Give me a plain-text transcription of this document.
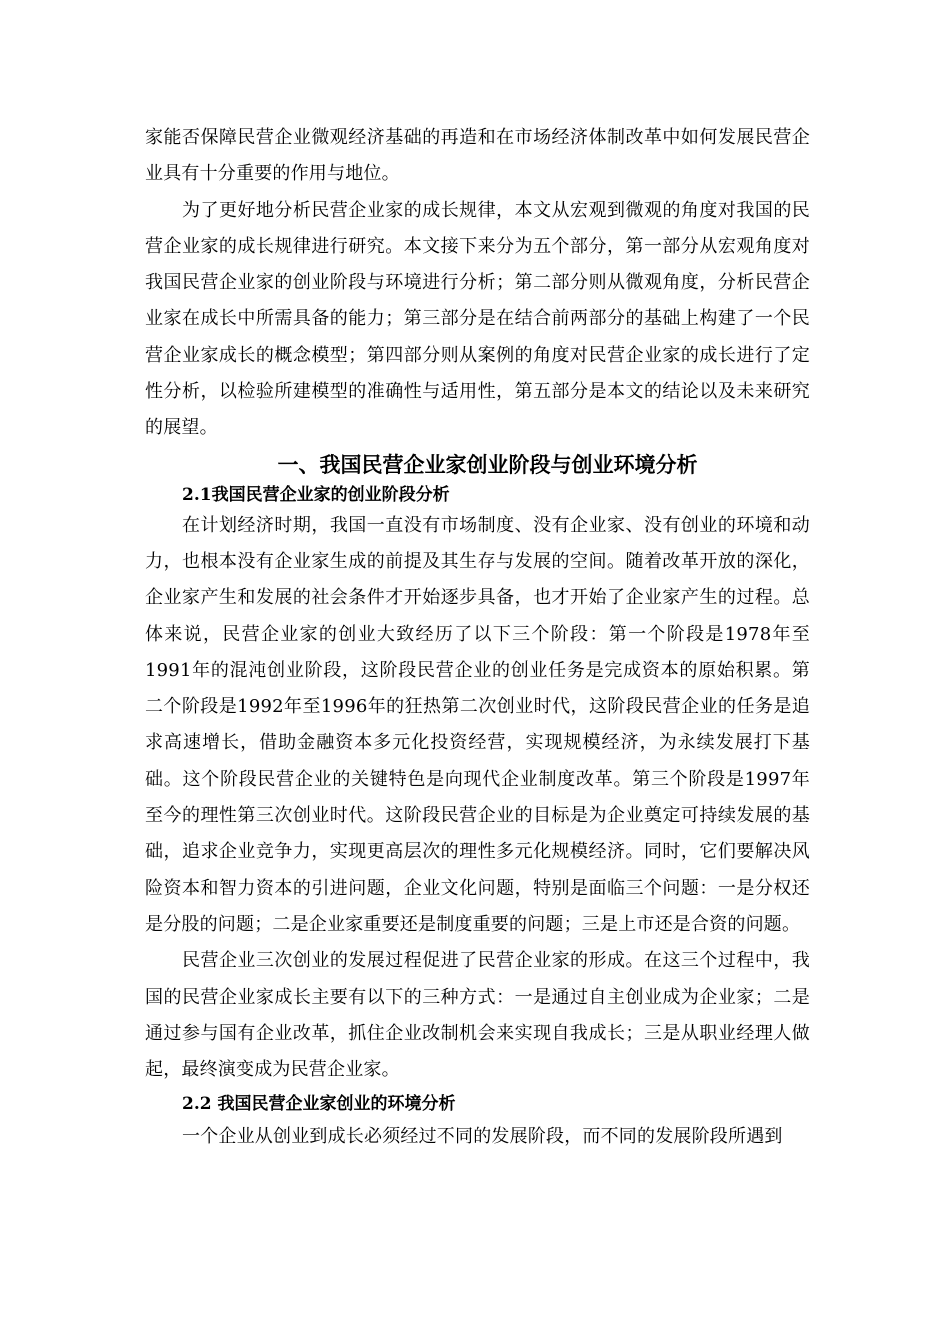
家能否保障民营企业微观经济基础的再造和在市场经济体制改革中如何发展民营企业具有十分重要的作用与地位。

为了更好地分析民营企业家的成长规律，本文从宏观到微观的角度对我国的民营企业家的成长规律进行研究。本文接下来分为五个部分，第一部分从宏观角度对我国民营企业家的创业阶段与环境进行分析；第二部分则从微观角度，分析民营企业家在成长中所需具备的能力；第三部分是在结合前两部分的基础上构建了一个民营企业家成长的概念模型；第四部分则从案例的角度对民营企业家的成长进行了定性分析，以检验所建模型的准确性与适用性，第五部分是本文的结论以及未来研究的展望。

一、我国民营企业家创业阶段与创业环境分析
2.1我国民营企业家的创业阶段分析

在计划经济时期，我国一直没有市场制度、没有企业家、没有创业的环境和动力，也根本没有企业家生成的前提及其生存与发展的空间。随着改革开放的深化，企业家产生和发展的社会条件才开始逐步具备，也才开始了企业家产生的过程。总体来说，民营企业家的创业大致经历了以下三个阶段：第一个阶段是1978年至1991年的混沌创业阶段，这阶段民营企业的创业任务是完成资本的原始积累。第二个阶段是1992年至1996年的狂热第二次创业时代，这阶段民营企业的任务是追求高速增长，借助金融资本多元化投资经营，实现规模经济，为永续发展打下基础。这个阶段民营企业的关键特色是向现代企业制度改革。第三个阶段是1997年至今的理性第三次创业时代。这阶段民营企业的目标是为企业奠定可持续发展的基础，追求企业竞争力，实现更高层次的理性多元化规模经济。同时，它们要解决风险资本和智力资本的引进问题，企业文化问题，特别是面临三个问题：一是分权还是分股的问题；二是企业家重要还是制度重要的问题；三是上市还是合资的问题。

民营企业三次创业的发展过程促进了民营企业家的形成。在这三个过程中，我国的民营企业家成长主要有以下的三种方式：一是通过自主创业成为企业家；二是通过参与国有企业改革，抓住企业改制机会来实现自我成长；三是从职业经理人做起，最终演变成为民营企业家。

2.2 我国民营企业家创业的环境分析

一个企业从创业到成长必须经过不同的发展阶段，而不同的发展阶段所遇到
